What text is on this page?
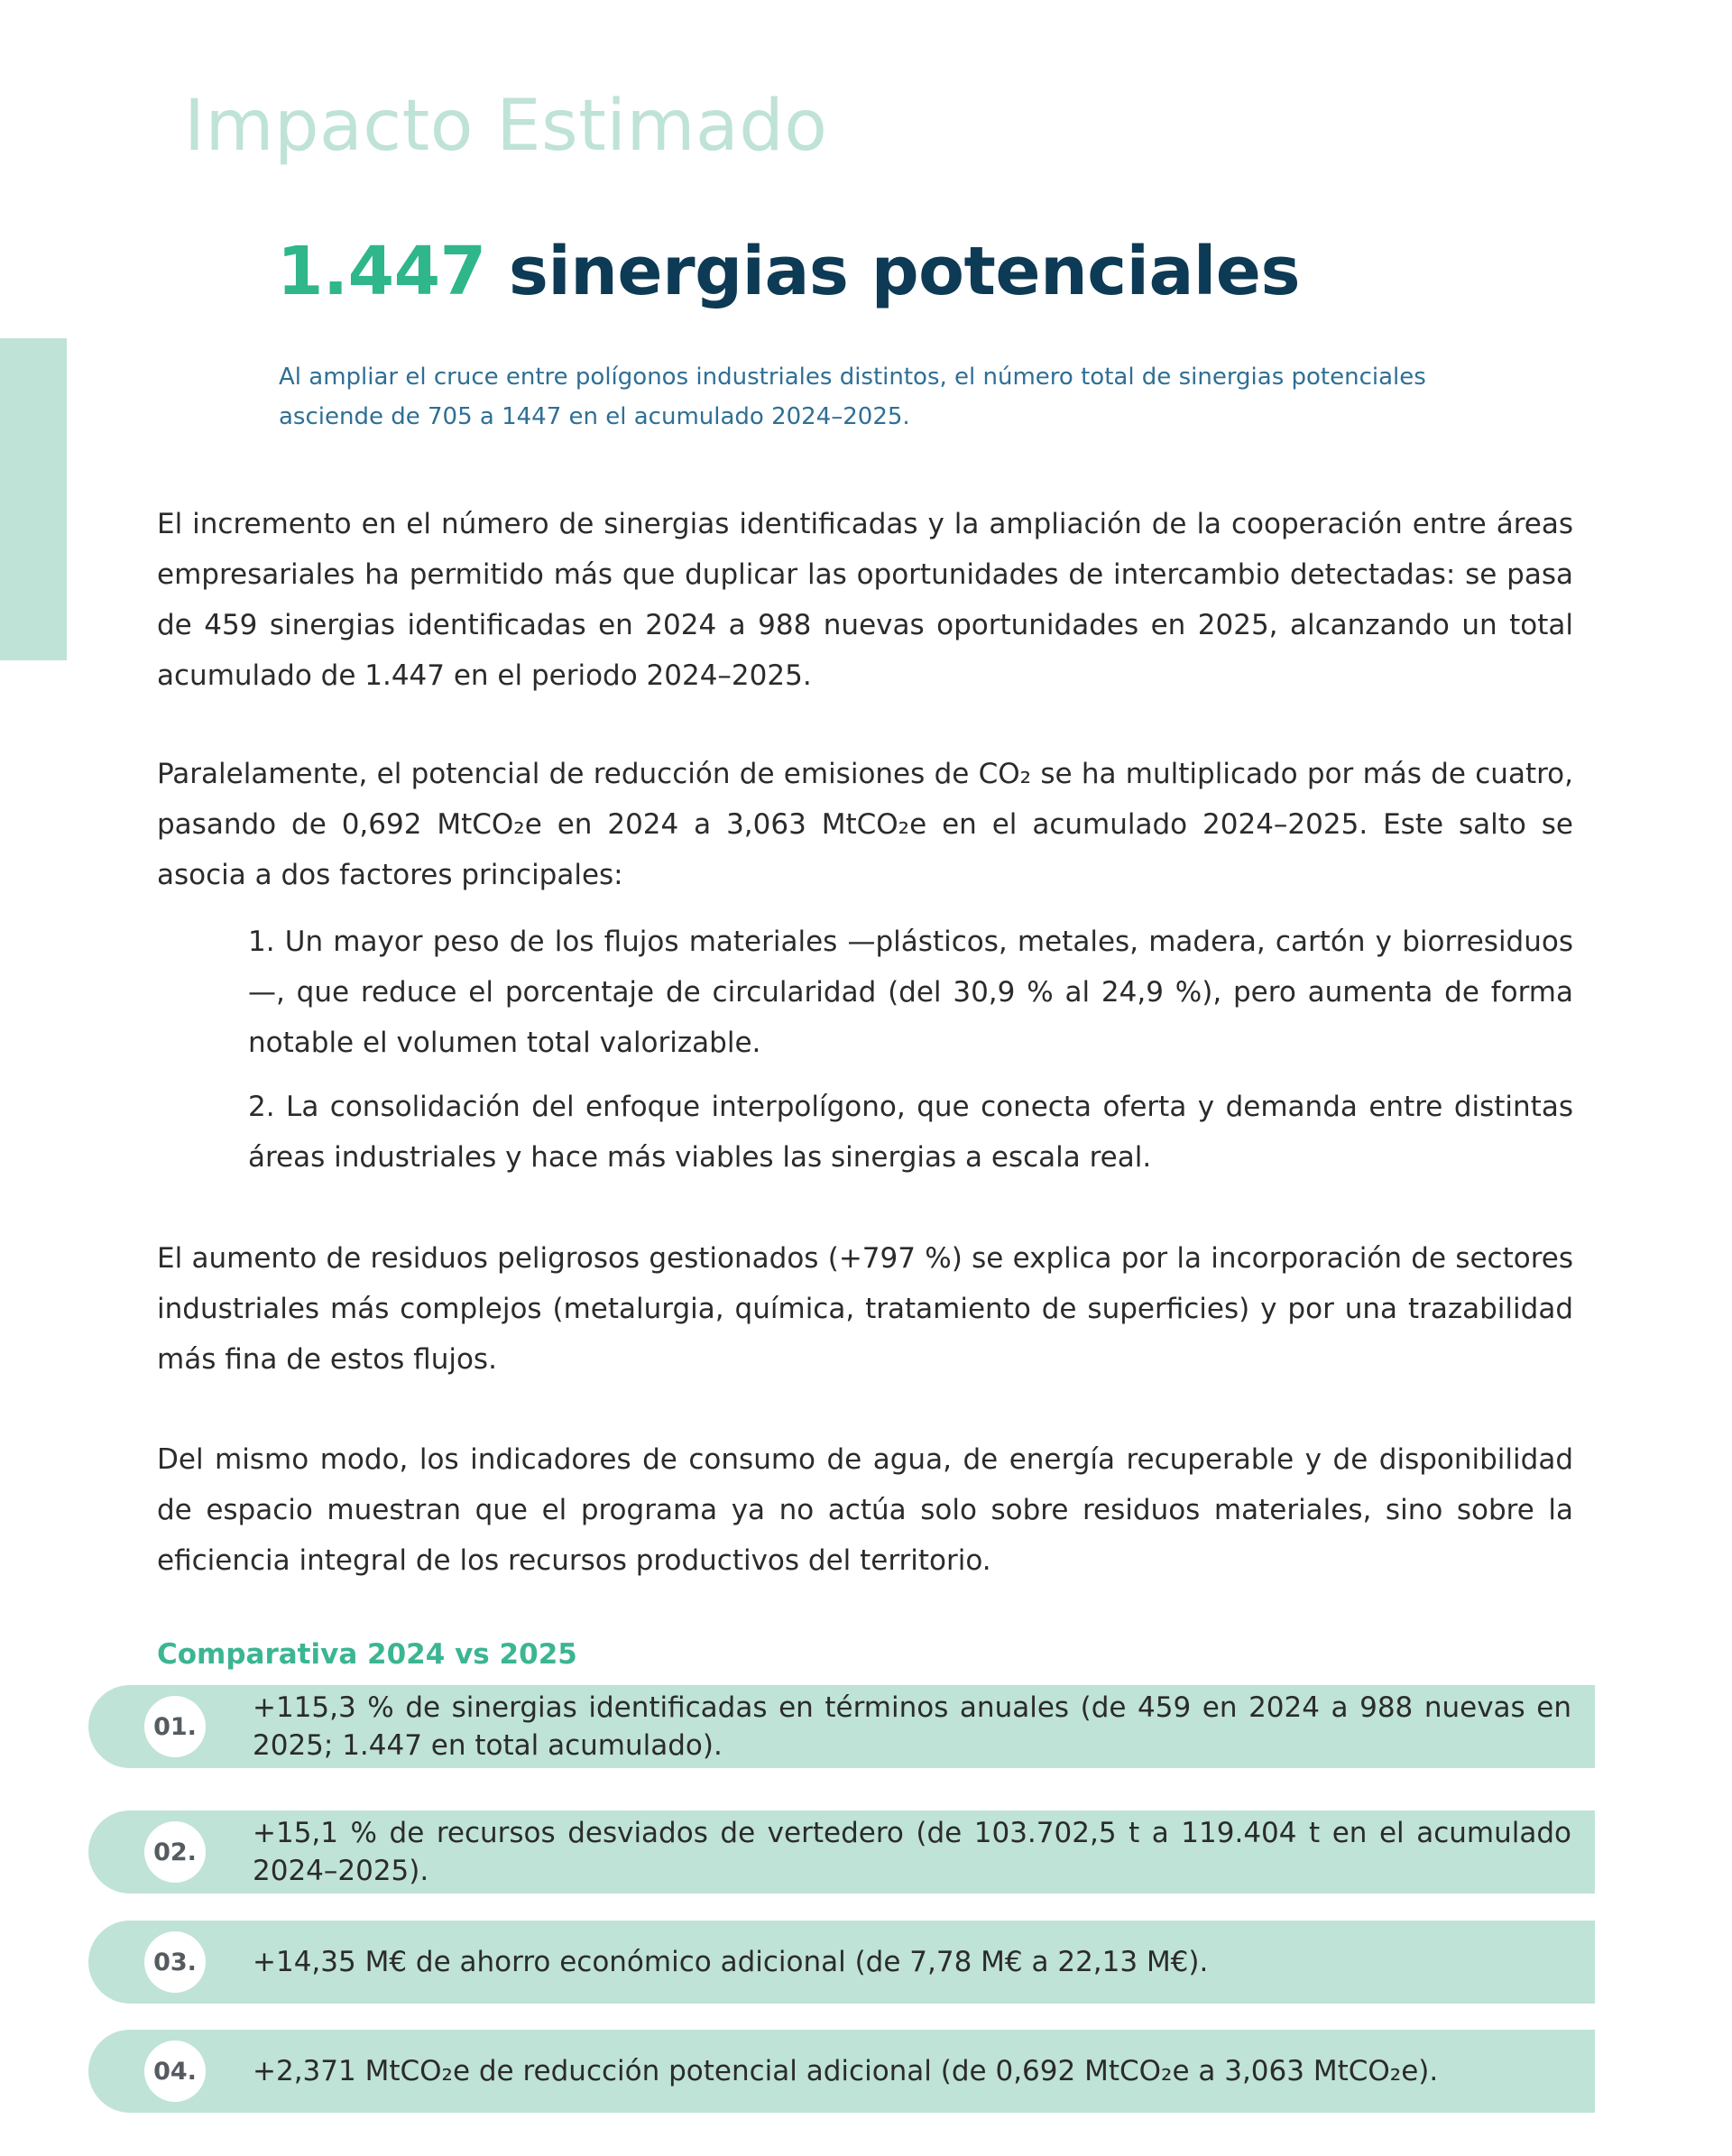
Impacto Estimado
1.447 sinergias potenciales

Al ampliar el cruce entre polígonos industriales distintos, el número total de sinergias potenciales asciende de 705 a 1447 en el acumulado 2024–2025.

El incremento en el número de sinergias identificadas y la ampliación de la cooperación entre áreas empresariales ha permitido más que duplicar las oportunidades de intercambio detectadas: se pasa de 459 sinergias identificadas en 2024 a 988 nuevas oportunidades en 2025, alcanzando un total acumulado de 1.447 en el periodo 2024–2025.

Paralelamente, el potencial de reducción de emisiones de CO₂ se ha multiplicado por más de cuatro, pasando de 0,692 MtCO₂e en 2024 a 3,063 MtCO₂e en el acumulado 2024–2025. Este salto se asocia a dos factores principales:

1. Un mayor peso de los flujos materiales —plásticos, metales, madera, cartón y biorresiduos—, que reduce el porcentaje de circularidad (del 30,9 % al 24,9 %), pero aumenta de forma notable el volumen total valorizable.
2. La consolidación del enfoque interpolígono, que conecta oferta y demanda entre distintas áreas industriales y hace más viables las sinergias a escala real.

El aumento de residuos peligrosos gestionados (+797 %) se explica por la incorporación de sectores industriales más complejos (metalurgia, química, tratamiento de superficies) y por una trazabilidad más fina de estos flujos.

Del mismo modo, los indicadores de consumo de agua, de energía recuperable y de disponibilidad de espacio muestran que el programa ya no actúa solo sobre residuos materiales, sino sobre la eficiencia integral de los recursos productivos del territorio.

Comparativa 2024 vs 2025
01.
+115,3 % de sinergias identificadas en términos anuales (de 459 en 2024 a 988 nuevas en 2025; 1.447 en total acumulado).
02.
+15,1 % de recursos desviados de vertedero (de 103.702,5 t a 119.404 t en el acumulado 2024–2025).
03.	+14,35 M€ de ahorro económico adicional (de 7,78 M€ a 22,13 M€).
04.	+2,371 MtCO₂e de reducción potencial adicional (de 0,692 MtCO₂e a 3,063 MtCO₂e).
